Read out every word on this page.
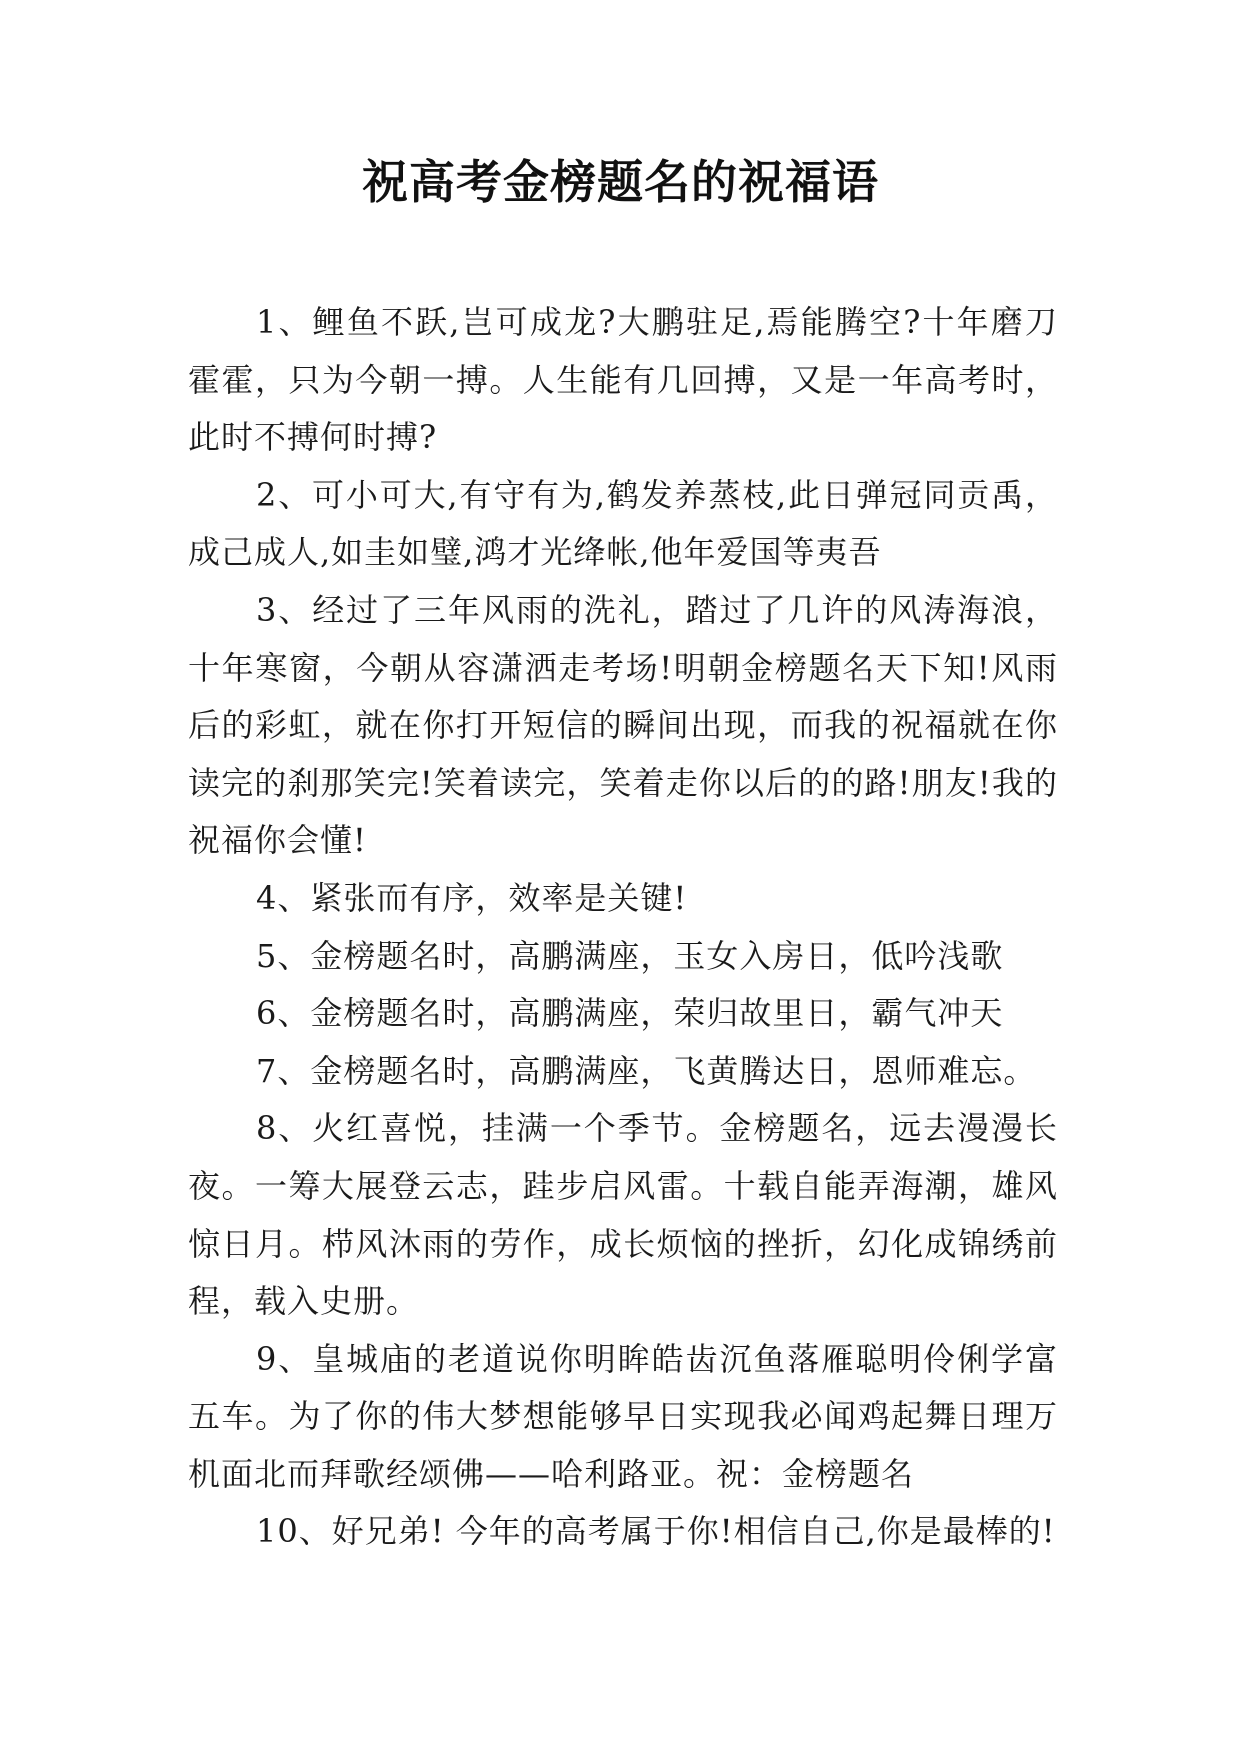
祝高考金榜题名的祝福语

1、鲤鱼不跃,岂可成龙?大鹏驻足,焉能腾空?十年磨刀霍霍，只为今朝一搏。人生能有几回搏，又是一年高考时，此时不搏何时搏?

2、可小可大,有守有为,鹤发养蒸枝,此日弹冠同贡禹，成己成人,如圭如璧,鸿才光绛帐,他年爱国等夷吾

3、经过了三年风雨的洗礼，踏过了几许的风涛海浪，十年寒窗，今朝从容潇洒走考场!明朝金榜题名天下知!风雨后的彩虹，就在你打开短信的瞬间出现，而我的祝福就在你读完的刹那笑完!笑着读完，笑着走你以后的的路!朋友!我的祝福你会懂!

4、紧张而有序，效率是关键!

5、金榜题名时，高鹏满座，玉女入房日，低吟浅歌

6、金榜题名时，高鹏满座，荣归故里日，霸气冲天

7、金榜题名时，高鹏满座，飞黄腾达日，恩师难忘。

8、火红喜悦，挂满一个季节。金榜题名，远去漫漫长夜。一筹大展登云志，跬步启风雷。十载自能弄海潮，雄风惊日月。栉风沐雨的劳作，成长烦恼的挫折，幻化成锦绣前程，载入史册。

9、皇城庙的老道说你明眸皓齿沉鱼落雁聪明伶俐学富五车。为了你的伟大梦想能够早日实现我必闻鸡起舞日理万机面北而拜歌经颂佛——哈利路亚。祝：金榜题名

10、好兄弟! 今年的高考属于你!相信自己,你是最棒的!
